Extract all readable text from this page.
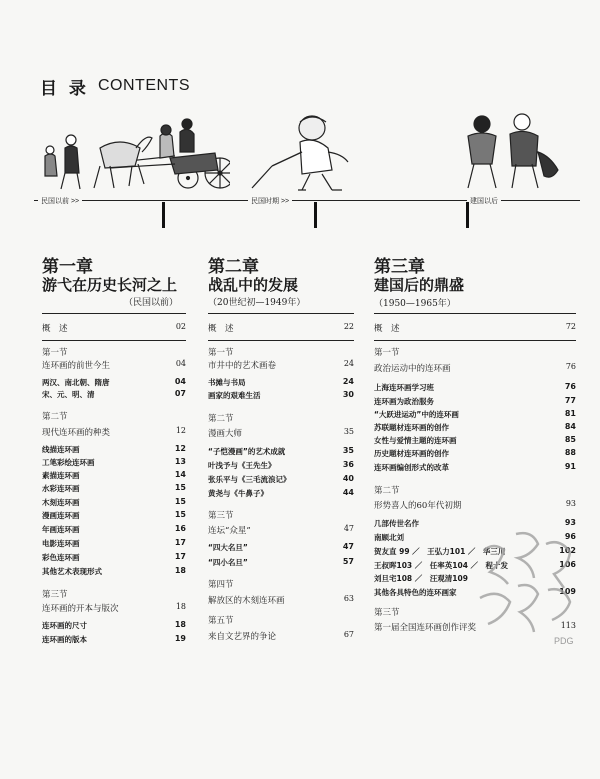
目 录 CONTENTS
民国以前 >>	民国时期 >>	建国以后
第一章
游弋在历史长河之上
（民国以前）
概　述	02
第一节
连环画的前世今生	04
两汉、南北朝、隋唐	04
宋、元、明、清	07
第二节
现代连环画的种类	12
线描连环画	12
工笔彩绘连环画	13
素描连环画	14
水彩连环画	15
木刻连环画	15
漫画连环画	15
年画连环画	16
电影连环画	17
彩色连环画	17
其他艺术表现形式	18
第三节
连环画的开本与版次	18
连环画的尺寸	18
连环画的版本	19
第二章
战乱中的发展
（20世纪初—1949年）
概　述	22
第一节
市井中的艺术画卷	24
书摊与书局	24
画家的艰难生活	30
第二节
漫画大师	35
“子恺漫画”的艺术成就	35
叶浅予与《王先生》	36
张乐平与《三毛流浪记》	40
黄尧与《牛鼻子》	44
第三节
连坛“众星”	47
“四大名旦”	47
“四小名旦”	57
第四节
解放区的木刻连环画	63
第五节
来自文艺界的争论	67
第三章
建国后的鼎盛
（1950—1965年）
概　述	72
第一节
政治运动中的连环画	76
上海连环画学习班	76
连环画为政治服务	77
“大跃进运动”中的连环画	81
苏联题材连环画的创作	84
女性与爱情主题的连环画	85
历史题材连环画的创作	88
连环画编创形式的改革	91
第二节
形势喜人的60年代初期	93
几部传世名作	93
南顾北刘	96
贺友直 99 ／　王弘力101 ／　华三川	102
王叔晖103 ／　任率英104 ／　程十发	106
刘旦宅108 ／　汪观清109
其他各具特色的连环画家	109
第三节
第一届全国连环画创作评奖	113
PDG
